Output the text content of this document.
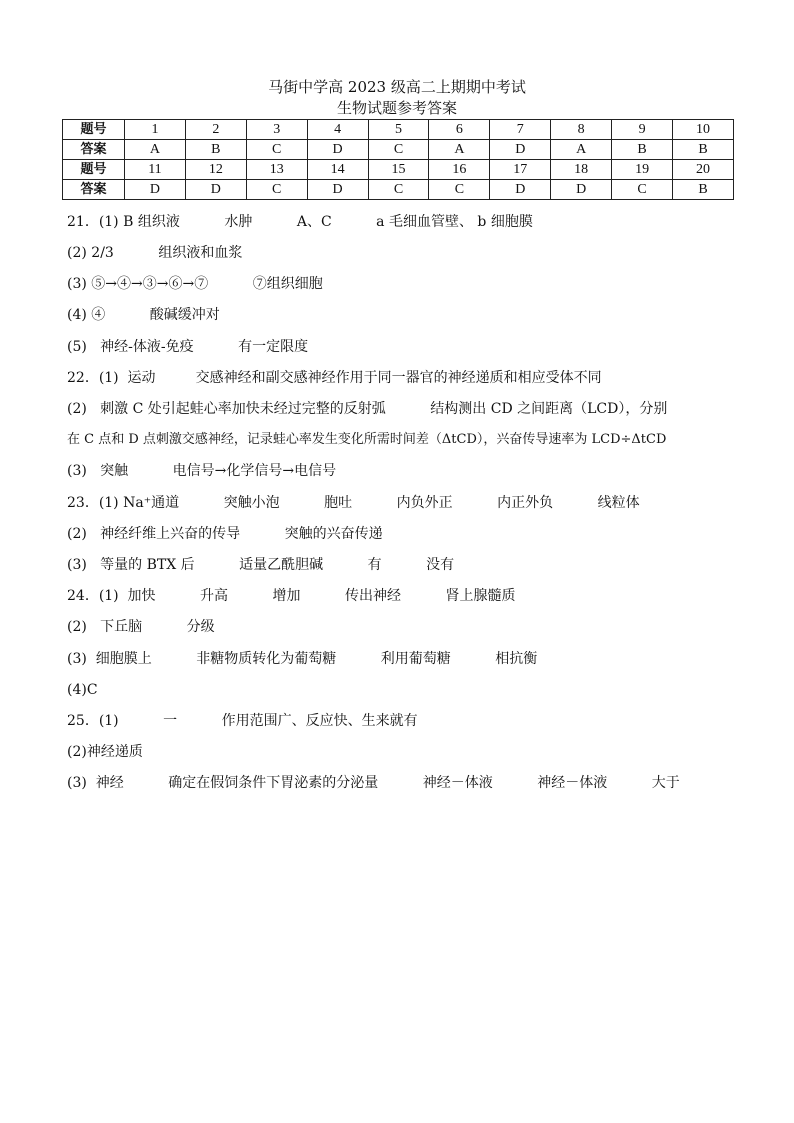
马街中学高 2023 级高二上期期中考试
生物试题参考答案
题号	1	2	3	4	5	6	7	8	9	10
答案	A	B	C	D	C	A	D	A	B	B
题号	11	12	13	14	15	16	17	18	19	20
答案	D	D	C	D	C	C	D	D	C	B
21．(1) B 组织液          水肿          A、C          a 毛细血管壁、 b 细胞膜
(2) 2/3          组织液和血浆
(3) ⑤→④→③→⑥→⑦          ⑦组织细胞
(4) ④          酸碱缓冲对
(5)   神经-体液-免疫          有一定限度
22．(1)  运动         交感神经和副交感神经作用于同一器官的神经递质和相应受体不同
(2)   刺激 C 处引起蛙心率加快未经过完整的反射弧          结构测出 CD 之间距离（LCD），分别
在 C 点和 D 点刺激交感神经，记录蛙心率发生变化所需时间差（ΔtCD），兴奋传导速率为 LCD÷ΔtCD
(3)   突触          电信号→化学信号→电信号
23．(1) Na⁺通道          突触小泡          胞吐          内负外正          内正外负          线粒体
(2)   神经纤维上兴奋的传导          突触的兴奋传递
(3)   等量的 BTX 后          适量乙酰胆碱          有          没有
24．(1)  加快          升高          增加          传出神经          肾上腺髓质
(2)   下丘脑          分级
(3)  细胞膜上          非糖物质转化为葡萄糖          利用葡萄糖          相抗衡
(4)C
25．(1)          一          作用范围广、反应快、生来就有
(2)神经递质
(3)  神经          确定在假饲条件下胃泌素的分泌量          神经－体液          神经－体液          大于
